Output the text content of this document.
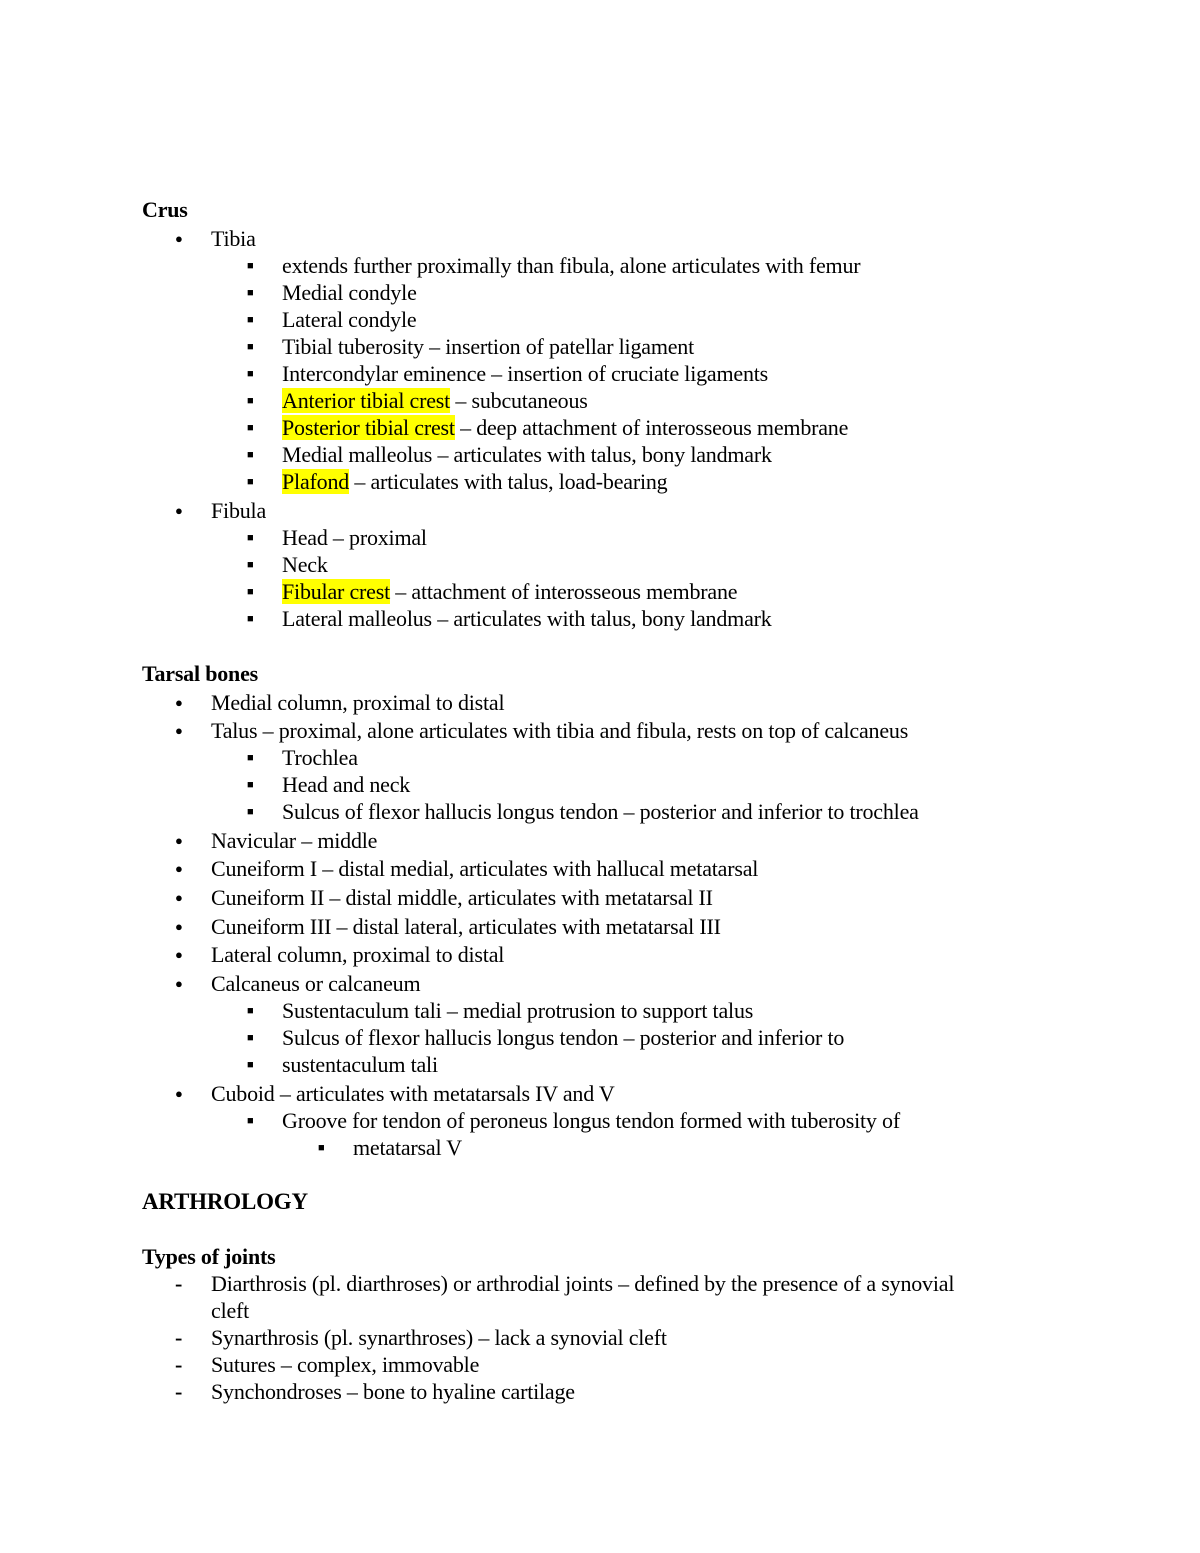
Crus
●
Tibia
■
extends further proximally than fibula, alone articulates with femur
■
Medial condyle
■
Lateral condyle
■
Tibial tuberosity – insertion of patellar ligament
■
Intercondylar eminence – insertion of cruciate ligaments
■
Anterior tibial crest – subcutaneous
■
Posterior tibial crest – deep attachment of interosseous membrane
■
Medial malleolus – articulates with talus, bony landmark
■
Plafond – articulates with talus, load-bearing
●
Fibula
■
Head – proximal
■
Neck
■
Fibular crest – attachment of interosseous membrane
■
Lateral malleolus – articulates with talus, bony landmark
Tarsal bones
●
Medial column, proximal to distal
●
Talus – proximal, alone articulates with tibia and fibula, rests on top of calcaneus
■
Trochlea
■
Head and neck
■
Sulcus of flexor hallucis longus tendon – posterior and inferior to trochlea
●
Navicular – middle
●
Cuneiform I – distal medial, articulates with hallucal metatarsal
●
Cuneiform II – distal middle, articulates with metatarsal II
●
Cuneiform III – distal lateral, articulates with metatarsal III
●
Lateral column, proximal to distal
●
Calcaneus or calcaneum
■
Sustentaculum tali – medial protrusion to support talus
■
Sulcus of flexor hallucis longus tendon – posterior and inferior to
■
sustentaculum tali
●
Cuboid – articulates with metatarsals IV and V
■
Groove for tendon of peroneus longus tendon formed with tuberosity of
■
metatarsal V
ARTHROLOGY
Types of joints
-
Diarthrosis (pl. diarthroses) or arthrodial joints – defined by the presence of a synovial
cleft
-
Synarthrosis (pl. synarthroses) – lack a synovial cleft
-
Sutures – complex, immovable
-
Synchondroses – bone to hyaline cartilage
